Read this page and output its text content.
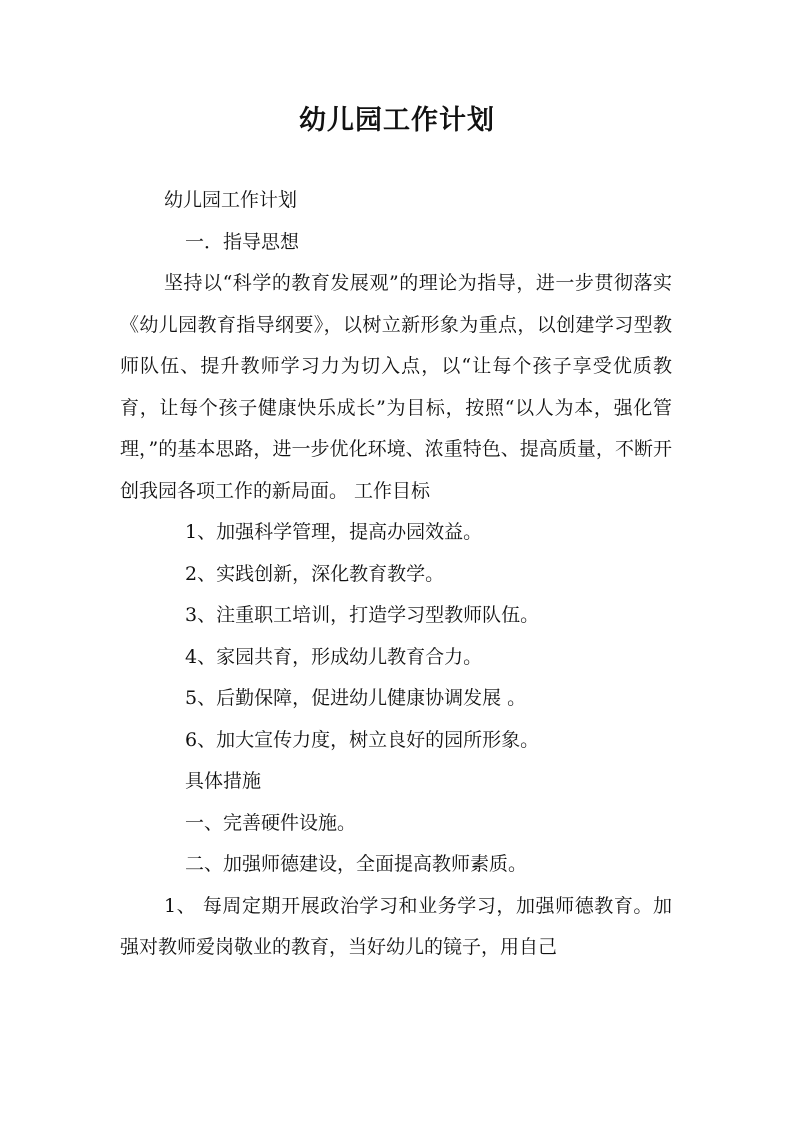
幼儿园工作计划

幼儿园工作计划

一．指导思想

坚持以“科学的教育发展观”的理论为指导，进一步贯彻落实《幼儿园教育指导纲要》，以树立新形象为重点，以创建学习型教师队伍、提升教师学习力为切入点，以“让每个孩子享受优质教育，让每个孩子健康快乐成长”为目标，按照“以人为本，强化管理，”的基本思路，进一步优化环境、浓重特色、提高质量，不断开创我园各项工作的新局面。 工作目标

1、加强科学管理，提高办园效益。

2、实践创新，深化教育教学。

3、注重职工培训，打造学习型教师队伍。

4、家园共育，形成幼儿教育合力。

5、后勤保障，促进幼儿健康协调发展 。

6、加大宣传力度，树立良好的园所形象。

具体措施

一、完善硬件设施。

二、加强师德建设，全面提高教师素质。

1、 每周定期开展政治学习和业务学习，加强师德教育。加强对教师爱岗敬业的教育，当好幼儿的镜子，用自己
